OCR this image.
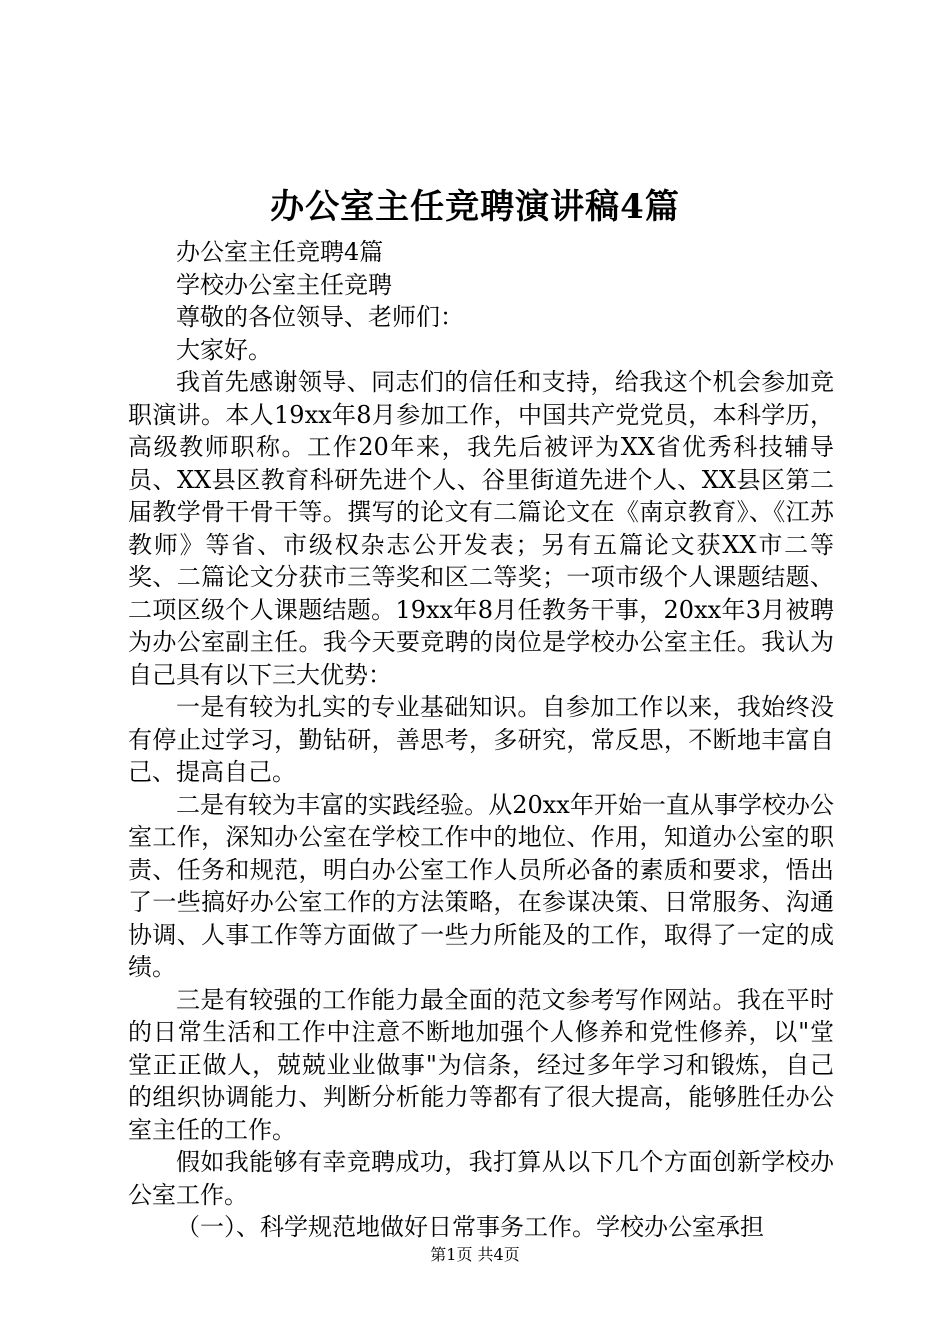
办公室主任竞聘演讲稿4篇

办公室主任竞聘4篇

学校办公室主任竞聘

尊敬的各位领导、老师们：

大家好。

我首先感谢领导、同志们的信任和支持，给我这个机会参加竞职演讲。本人19xx年8月参加工作，中国共产党党员，本科学历，高级教师职称。工作20年来，我先后被评为XX省优秀科技辅导员、XX县区教育科研先进个人、谷里街道先进个人、XX县区第二届教学骨干骨干等。撰写的论文有二篇论文在《南京教育》、《江苏教师》等省、市级权杂志公开发表；另有五篇论文获XX市二等奖、二篇论文分获市三等奖和区二等奖；一项市级个人课题结题、二项区级个人课题结题。19xx年8月任教务干事，20xx年3月被聘为办公室副主任。我今天要竞聘的岗位是学校办公室主任。我认为自己具有以下三大优势：

一是有较为扎实的专业基础知识。自参加工作以来，我始终没有停止过学习，勤钻研，善思考，多研究，常反思，不断地丰富自己、提高自己。

二是有较为丰富的实践经验。从20xx年开始一直从事学校办公室工作，深知办公室在学校工作中的地位、作用，知道办公室的职责、任务和规范，明白办公室工作人员所必备的素质和要求，悟出了一些搞好办公室工作的方法策略，在参谋决策、日常服务、沟通协调、人事工作等方面做了一些力所能及的工作，取得了一定的成绩。

三是有较强的工作能力最全面的范文参考写作网站。我在平时的日常生活和工作中注意不断地加强个人修养和党性修养，以"堂堂正正做人，兢兢业业做事"为信条，经过多年学习和锻炼，自己的组织协调能力、判断分析能力等都有了很大提高，能够胜任办公室主任的工作。

假如我能够有幸竞聘成功，我打算从以下几个方面创新学校办公室工作。

（一）、科学规范地做好日常事务工作。学校办公室承担

第1页 共4页
